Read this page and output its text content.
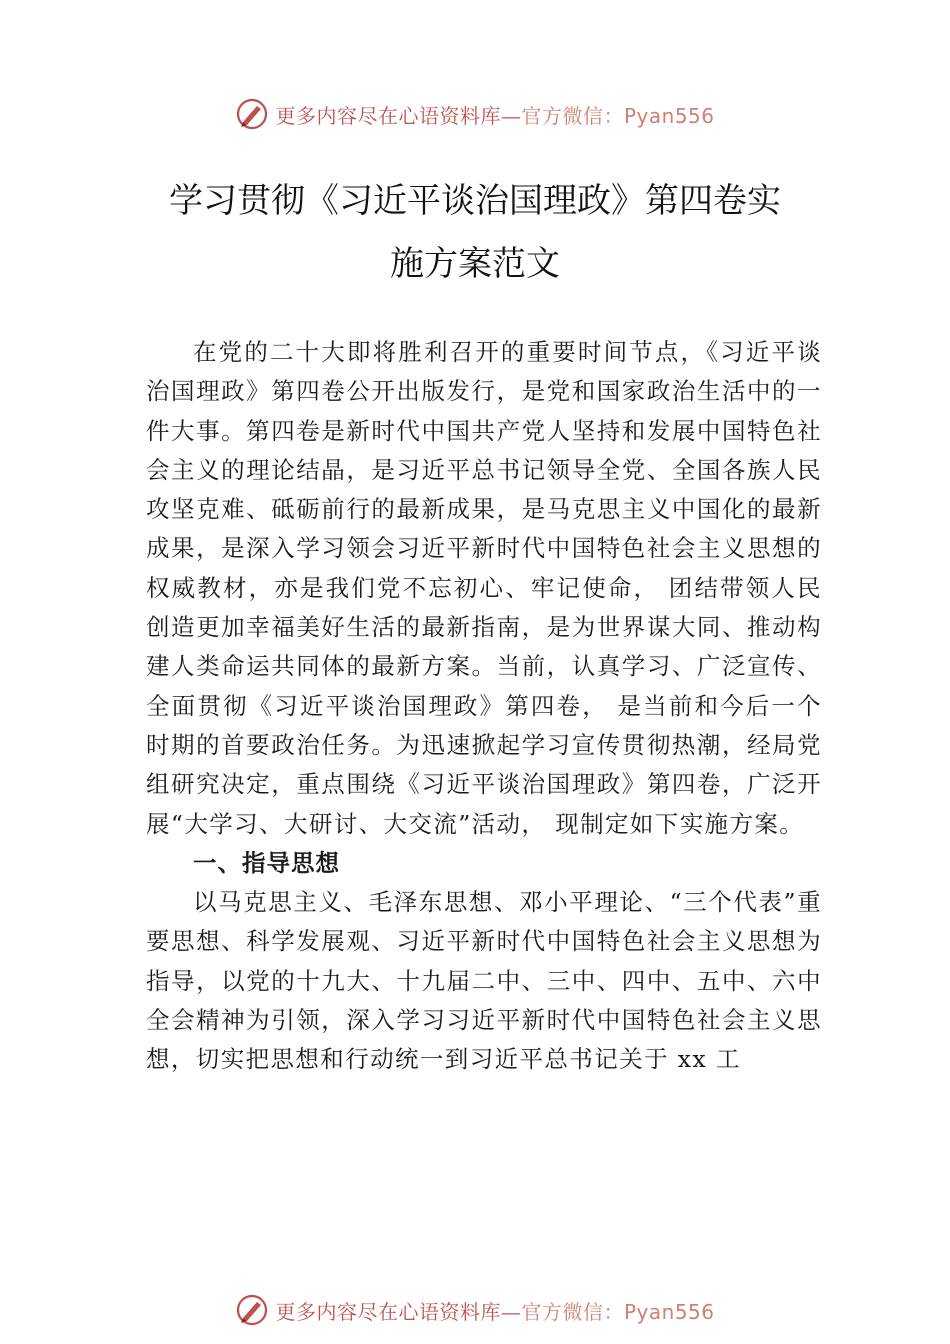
更多内容尽在心语资料库—官方微信：Pyan556
学习贯彻《习近平谈治国理政》第四卷实
施方案范文

在党的二十大即将胜利召开的重要时间节点，《习近平谈治国理政》第四卷公开出版发行，是党和国家政治生活中的一件大事。第四卷是新时代中国共产党人坚持和发展中国特色社会主义的理论结晶，是习近平总书记领导全党、全国各族人民攻坚克难、砥砺前行的最新成果，是马克思主义中国化的最新成果，是深入学习领会习近平新时代中国特色社会主义思想的权威教材，亦是我们党不忘初心、牢记使命， 团结带领人民创造更加幸福美好生活的最新指南，是为世界谋大同、推动构建人类命运共同体的最新方案。当前，认真学习、广泛宣传、全面贯彻《习近平谈治国理政》第四卷， 是当前和今后一个时期的首要政治任务。为迅速掀起学习宣传贯彻热潮，经局党组研究决定，重点围绕《习近平谈治国理政》第四卷，广泛开展“大学习、大研讨、大交流”活动， 现制定如下实施方案。

一、指导思想

以马克思主义、毛泽东思想、邓小平理论、“三个代表”重要思想、科学发展观、习近平新时代中国特色社会主义思想为指导，以党的十九大、十九届二中、三中、四中、五中、六中全会精神为引领，深入学习习近平新时代中国特色社会主义思想，切实把思想和行动统一到习近平总书记关于 xx 工

更多内容尽在心语资料库—官方微信：Pyan556
